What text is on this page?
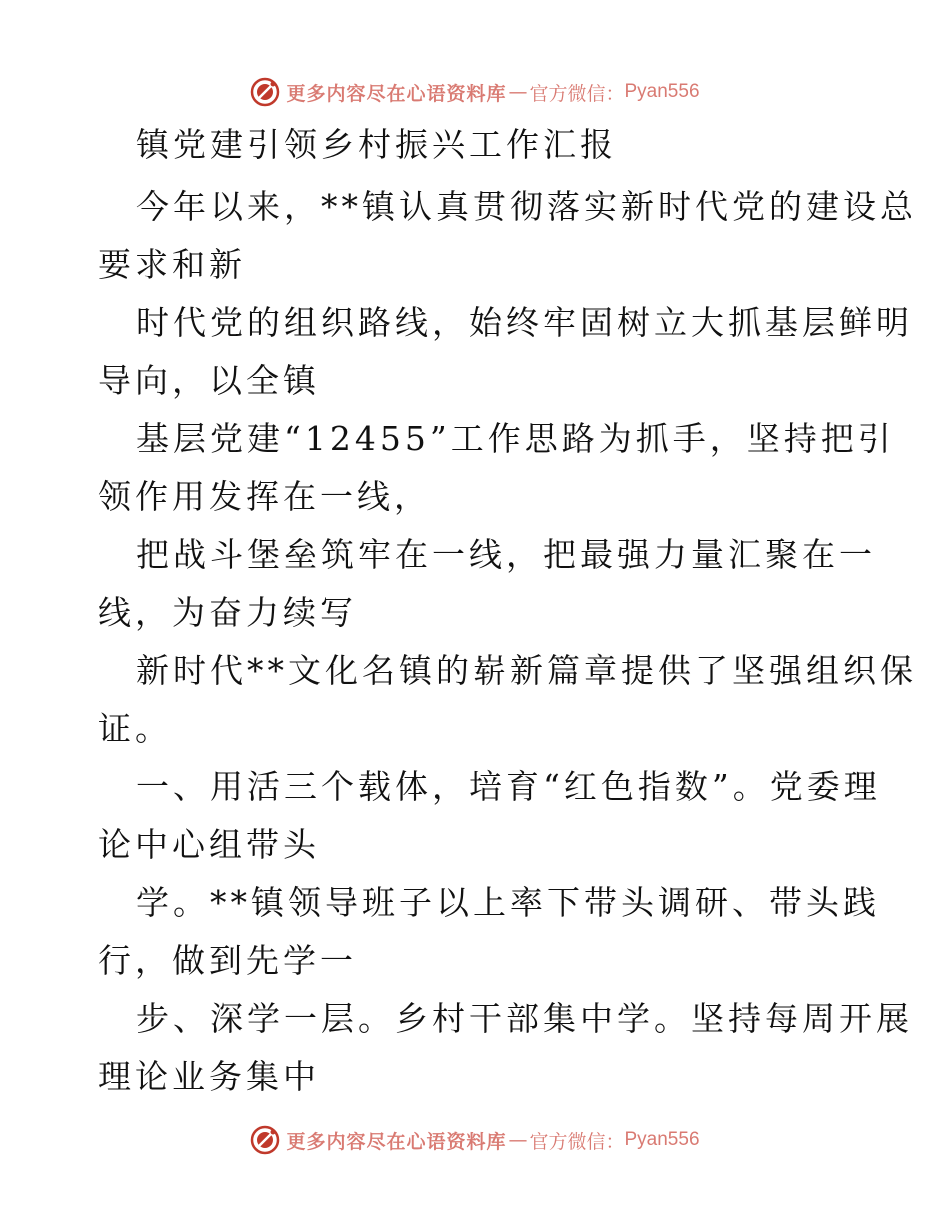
更多内容尽在心语资料库 — 官方微信： Pyan556
镇党建引领乡村振兴工作汇报
今年以来，**镇认真贯彻落实新时代党的建设总
要求和新
时代党的组织路线，始终牢固树立大抓基层鲜明
导向，以全镇
基层党建“12455”工作思路为抓手，坚持把引
领作用发挥在一线，
把战斗堡垒筑牢在一线，把最强力量汇聚在一
线，为奋力续写
新时代**文化名镇的崭新篇章提供了坚强组织保
证。
一、用活三个载体，培育“红色指数”。党委理
论中心组带头
学。**镇领导班子以上率下带头调研、带头践
行，做到先学一
步、深学一层。乡村干部集中学。坚持每周开展
理论业务集中
更多内容尽在心语资料库 — 官方微信： Pyan556
